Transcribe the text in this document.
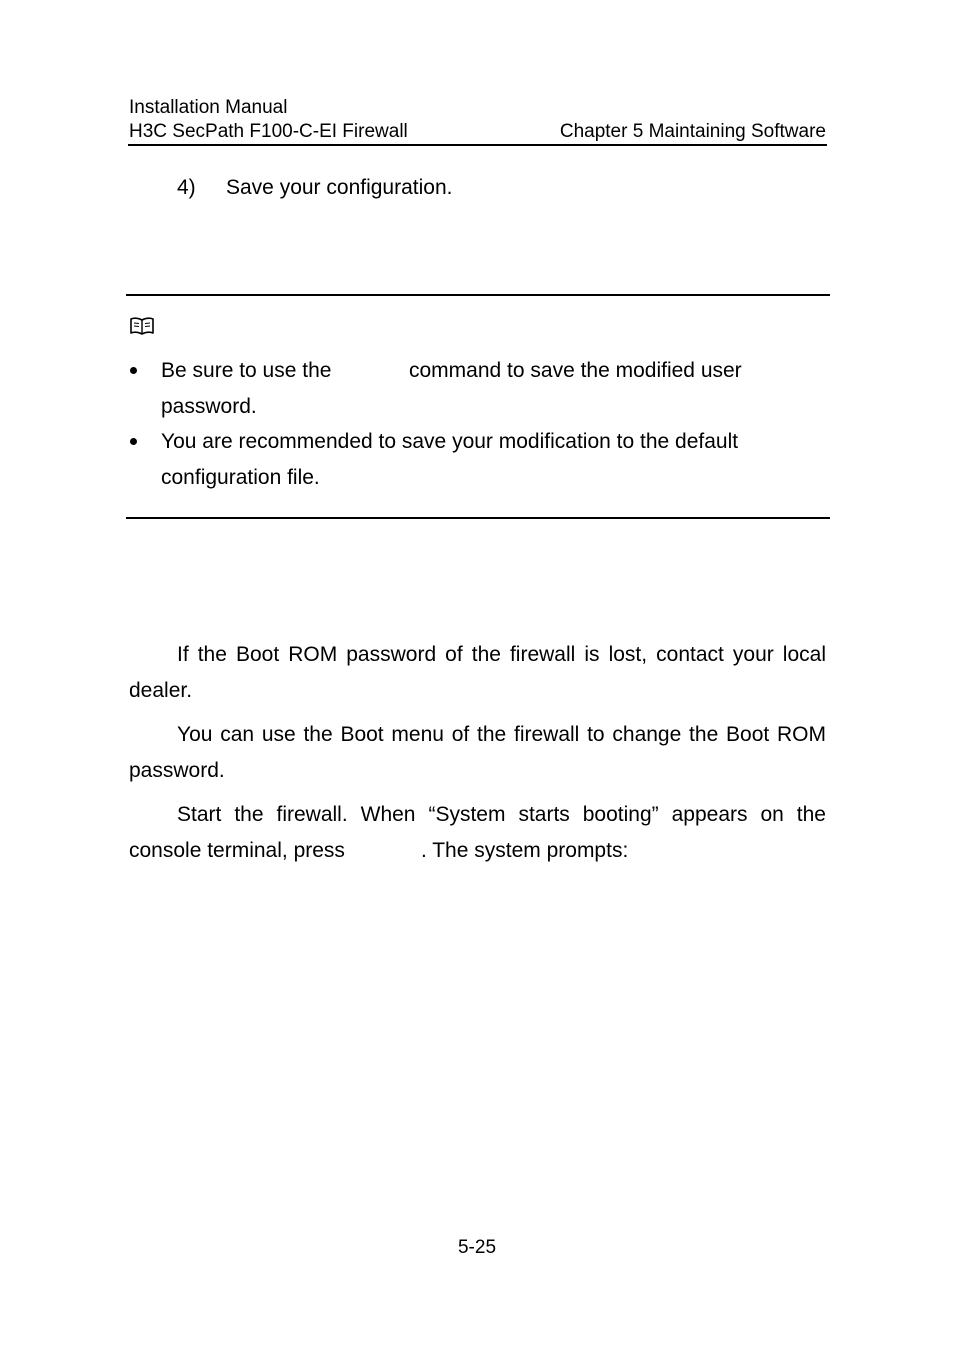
Installation Manual
H3C SecPath F100-C-EI Firewall	Chapter 5 Maintaining Software
4) Save your configuration.
Be sure to use the	command to save the modified user
password.
You are recommended to save your modification to the default
configuration file.
If the Boot ROM password of the firewall is lost, contact your local dealer.
You can use the Boot menu of the firewall to change the Boot ROM password.
Start the firewall. When “System starts booting” appears on the console terminal, press	. The system prompts:
5-25
